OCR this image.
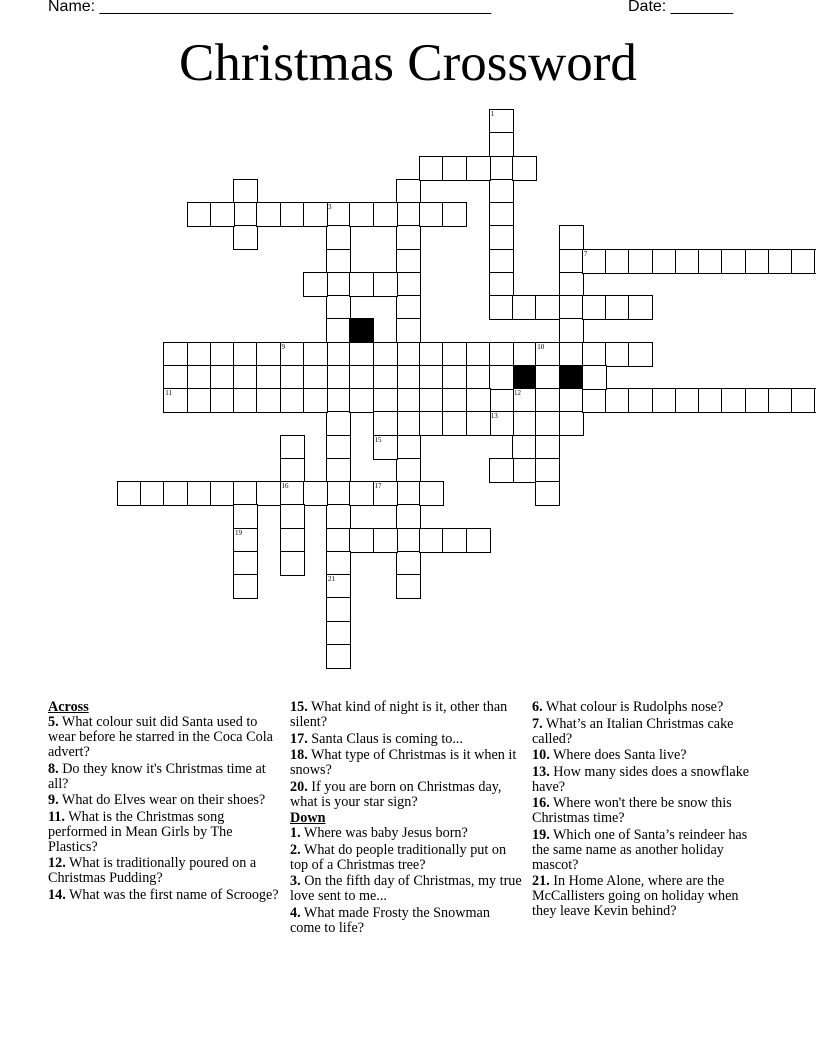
Name: ____________________________________________	Date: _______
Christmas Crossword
1
3
15
12
13
7
9	10
11
16	17
19
21
Across
5. What colour suit did Santa used to wear before he starred in the Coca Cola advert?
8. Do they know it's Christmas time at all?
9. What do Elves wear on their shoes?
11. What is the Christmas song performed in Mean Girls by The Plastics?
12. What is traditionally poured on a Christmas Pudding?
14. What was the first name of Scrooge?
15. What kind of night is it, other than silent?
17. Santa Claus is coming to...
18. What type of Christmas is it when it snows?
20. If you are born on Christmas day, what is your star sign?
Down
1. Where was baby Jesus born?
2. What do people traditionally put on top of a Christmas tree?
3. On the fifth day of Christmas, my true love sent to me...
4. What made Frosty the Snowman come to life?
6. What colour is Rudolphs nose?
7. What’s an Italian Christmas cake called?
10. Where does Santa live?
13. How many sides does a snowflake have?
16. Where won't there be snow this Christmas time?
19. Which one of Santa’s reindeer has the same name as another holiday mascot?
21. In Home Alone, where are the McCallisters going on holiday when they leave Kevin behind?
